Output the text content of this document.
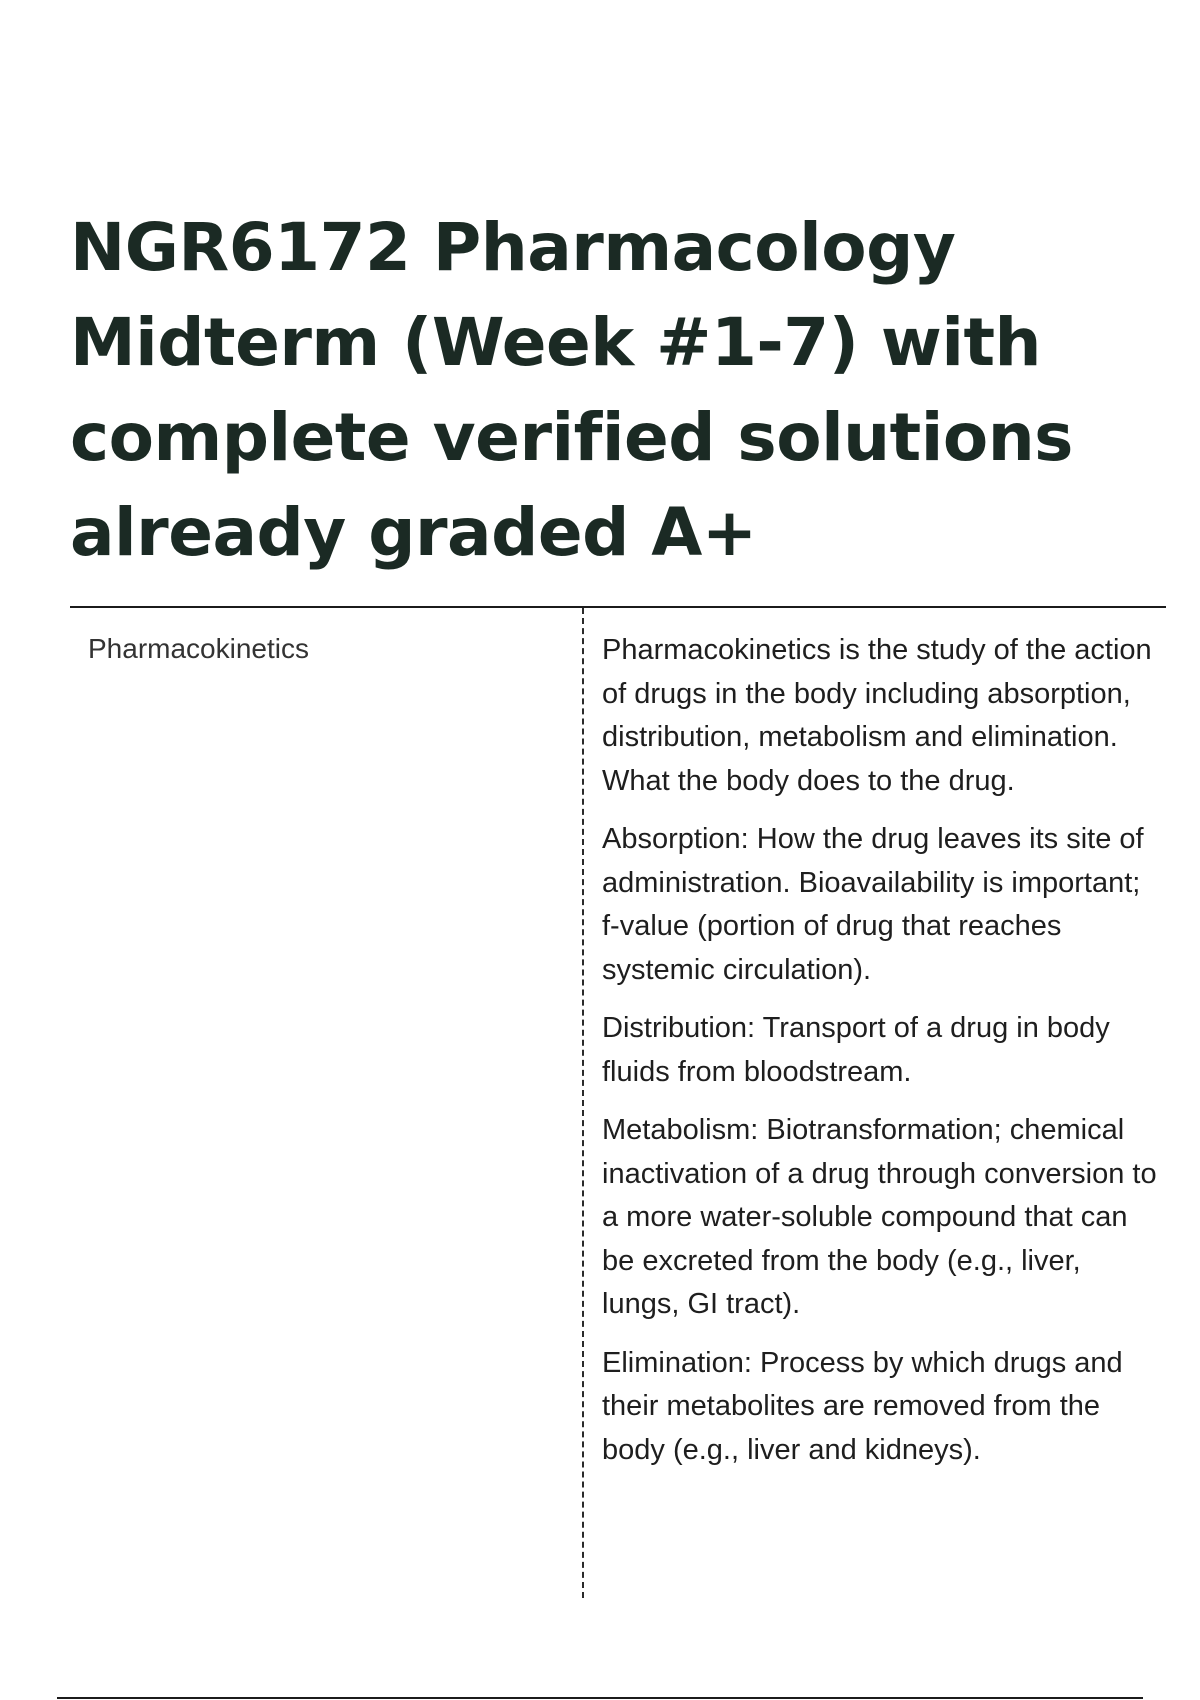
NGR6172 Pharmacology
Midterm (Week #1-7) with
complete verified solutions
already graded A+
Pharmacokinetics	Pharmacokinetics is the study of the action of drugs in the body including absorption, distribution, metabolism and elimination. What the body does to the drug.

Absorption: How the drug leaves its site of administration. Bioavailability is important; f-value (portion of drug that reaches systemic circulation).

Distribution: Transport of a drug in body fluids from bloodstream.

Metabolism: Biotransformation; chemical inactivation of a drug through conversion to a more water-soluble compound that can be excreted from the body (e.g., liver, lungs, GI tract).

Elimination: Process by which drugs and their metabolites are removed from the body (e.g., liver and kidneys).
